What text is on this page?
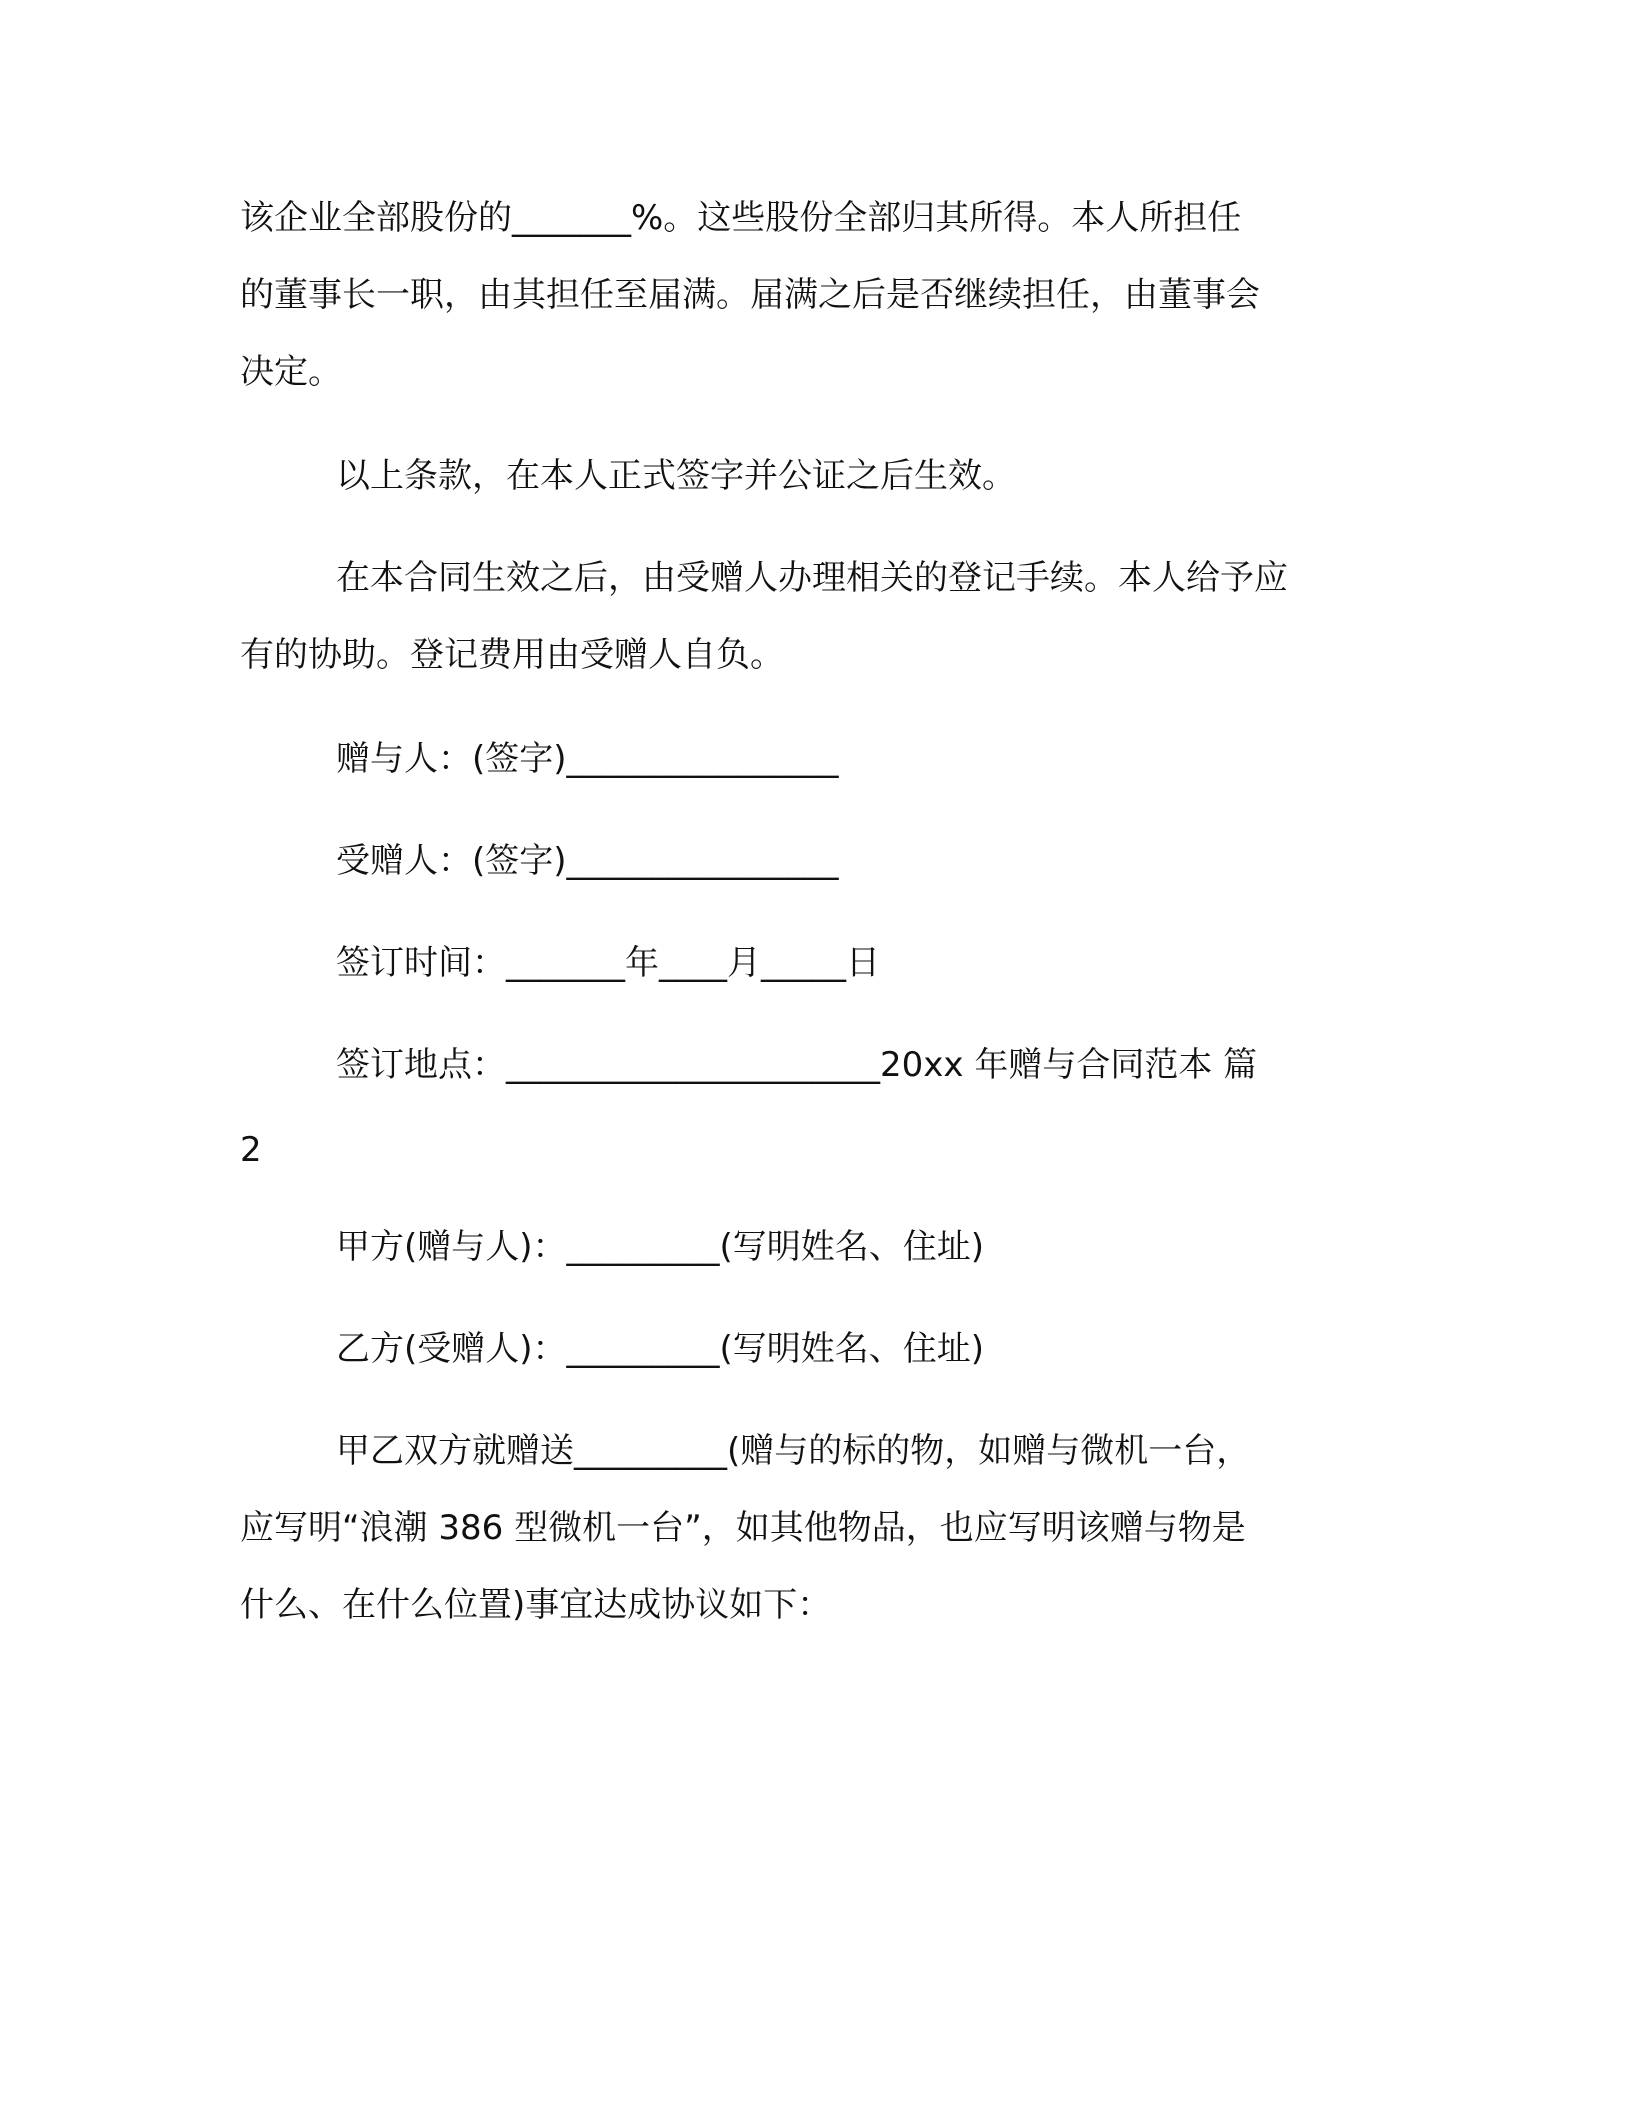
该企业全部股份的_______%。这些股份全部归其所得。本人所担任
的董事长一职，由其担任至届满。届满之后是否继续担任，由董事会
决定。
以上条款，在本人正式签字并公证之后生效。
在本合同生效之后，由受赠人办理相关的登记手续。本人给予应
有的协助。登记费用由受赠人自负。
赠与人：(签字)________________
受赠人：(签字)________________
签订时间：_______年____月_____日
签订地点：______________________20xx 年赠与合同范本 篇
2
甲方(赠与人)：_________(写明姓名、住址)
乙方(受赠人)：_________(写明姓名、住址)
甲乙双方就赠送_________(赠与的标的物，如赠与微机一台，
应写明“浪潮 386 型微机一台”，如其他物品，也应写明该赠与物是
什么、在什么位置)事宜达成协议如下：
